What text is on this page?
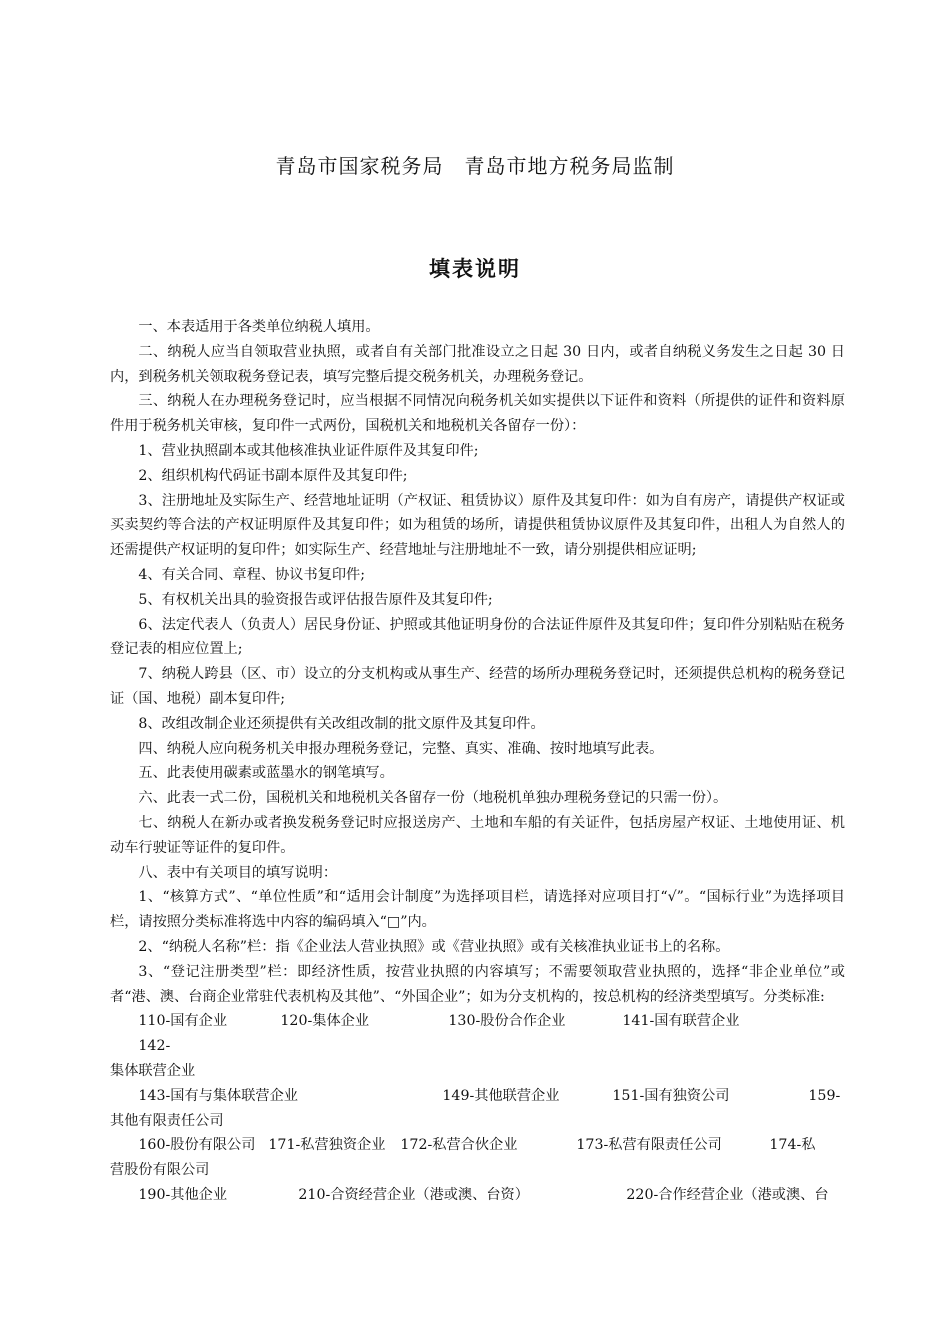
青岛市国家税务局　青岛市地方税务局监制
填表说明

一、本表适用于各类单位纳税人填用。

二、纳税人应当自领取营业执照，或者自有关部门批准设立之日起 30 日内，或者自纳税义务发生之日起 30 日内，到税务机关领取税务登记表，填写完整后提交税务机关，办理税务登记。

三、纳税人在办理税务登记时，应当根据不同情况向税务机关如实提供以下证件和资料（所提供的证件和资料原件用于税务机关审核，复印件一式两份，国税机关和地税机关各留存一份）：

1、营业执照副本或其他核准执业证件原件及其复印件;

2、组织机构代码证书副本原件及其复印件;

3、注册地址及实际生产、经营地址证明（产权证、租赁协议）原件及其复印件：如为自有房产，请提供产权证或买卖契约等合法的产权证明原件及其复印件；如为租赁的场所，请提供租赁协议原件及其复印件，出租人为自然人的还需提供产权证明的复印件；如实际生产、经营地址与注册地址不一致，请分别提供相应证明;

4、有关合同、章程、协议书复印件;

5、有权机关出具的验资报告或评估报告原件及其复印件;

6、法定代表人（负责人）居民身份证、护照或其他证明身份的合法证件原件及其复印件；复印件分别粘贴在税务登记表的相应位置上;

7、纳税人跨县（区、市）设立的分支机构或从事生产、经营的场所办理税务登记时，还须提供总机构的税务登记证（国、地税）副本复印件;

8、改组改制企业还须提供有关改组改制的批文原件及其复印件。

四、纳税人应向税务机关申报办理税务登记，完整、真实、准确、按时地填写此表。

五、此表使用碳素或蓝墨水的钢笔填写。

六、此表一式二份，国税机关和地税机关各留存一份（地税机单独办理税务登记的只需一份）。

七、纳税人在新办或者换发税务登记时应报送房产、土地和车船的有关证件，包括房屋产权证、土地使用证、机动车行驶证等证件的复印件。

八、表中有关项目的填写说明：

1、“核算方式”、“单位性质”和“适用会计制度”为选择项目栏，请选择对应项目打“√”。“国标行业”为选择项目栏，请按照分类标准将选中内容的编码填入“□”内。

2、“纳税人名称”栏：指《企业法人营业执照》或《营业执照》或有关核准执业证书上的名称。

3、“登记注册类型”栏：即经济性质，按营业执照的内容填写；不需要领取营业执照的，选择“非企业单位”或者“港、澳、台商企业常驻代表机构及其他”、“外国企业”；如为分支机构的，按总机构的经济类型填写。分类标准:

110-国有企业	120-集体企业	130-股份合作企业	141-国有联营企业
142-
集体联营企业
143-国有与集体联营企业	149-其他联营企业	151-国有独资公司	159-
其他有限责任公司
160-股份有限公司 171-私营独资企业	172-私营合伙企业	173-私营有限责任公司	174-私
营股份有限公司
190-其他企业	210-合资经营企业（港或澳、台资）	220-合作经营企业（港或澳、台
